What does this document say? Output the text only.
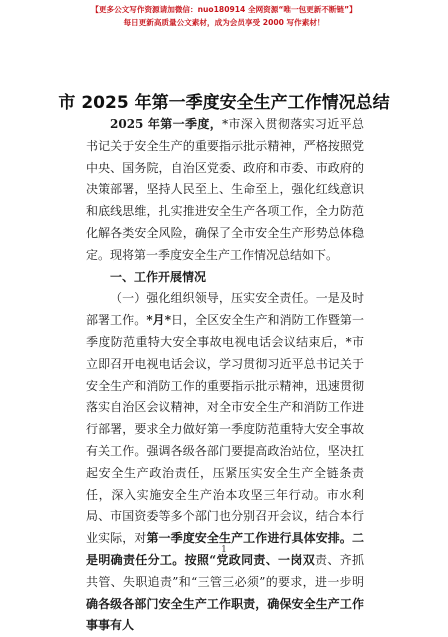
【更多公文写作资源请加微信：nuo180914 全网资源“唯一包更新不断链”】
每日更新高质量公文素材，成为会员享受 2000 写作素材！
市 2025 年第一季度安全生产工作情况总结

2025 年第一季度，*市深入贯彻落实习近平总书记关于安全生产的重要指示批示精神，严格按照党中央、国务院，自治区党委、政府和市委、市政府的决策部署，坚持人民至上、生命至上，强化红线意识和底线思维，扎实推进安全生产各项工作，全力防范化解各类安全风险，确保了全市安全生产形势总体稳定。现将第一季度安全生产工作情况总结如下。

一、工作开展情况

（一）强化组织领导，压实安全责任。一是及时部署工作。*月*日，全区安全生产和消防工作暨第一季度防范重特大安全事故电视电话会议结束后，*市立即召开电视电话会议，学习贯彻习近平总书记关于安全生产和消防工作的重要指示批示精神，迅速贯彻落实自治区会议精神，对全市安全生产和消防工作进行部署，要求全力做好第一季度防范重特大安全事故有关工作。强调各级各部门要提高政治站位，坚决扛起安全生产政治责任，压紧压实安全生产全链条责任，深入实施安全生产治本攻坚三年行动。市水利局、市国资委等多个部门也分别召开会议，结合本行业实际，对第一季度安全生产工作进行具体安排。二是明确责任分工。按照“党政同责、一岗双责、齐抓共管、失职追责”和“三管三必须”的要求，进一步明确各级各部门安全生产工作职责，确保安全生产工作事事有人

1
